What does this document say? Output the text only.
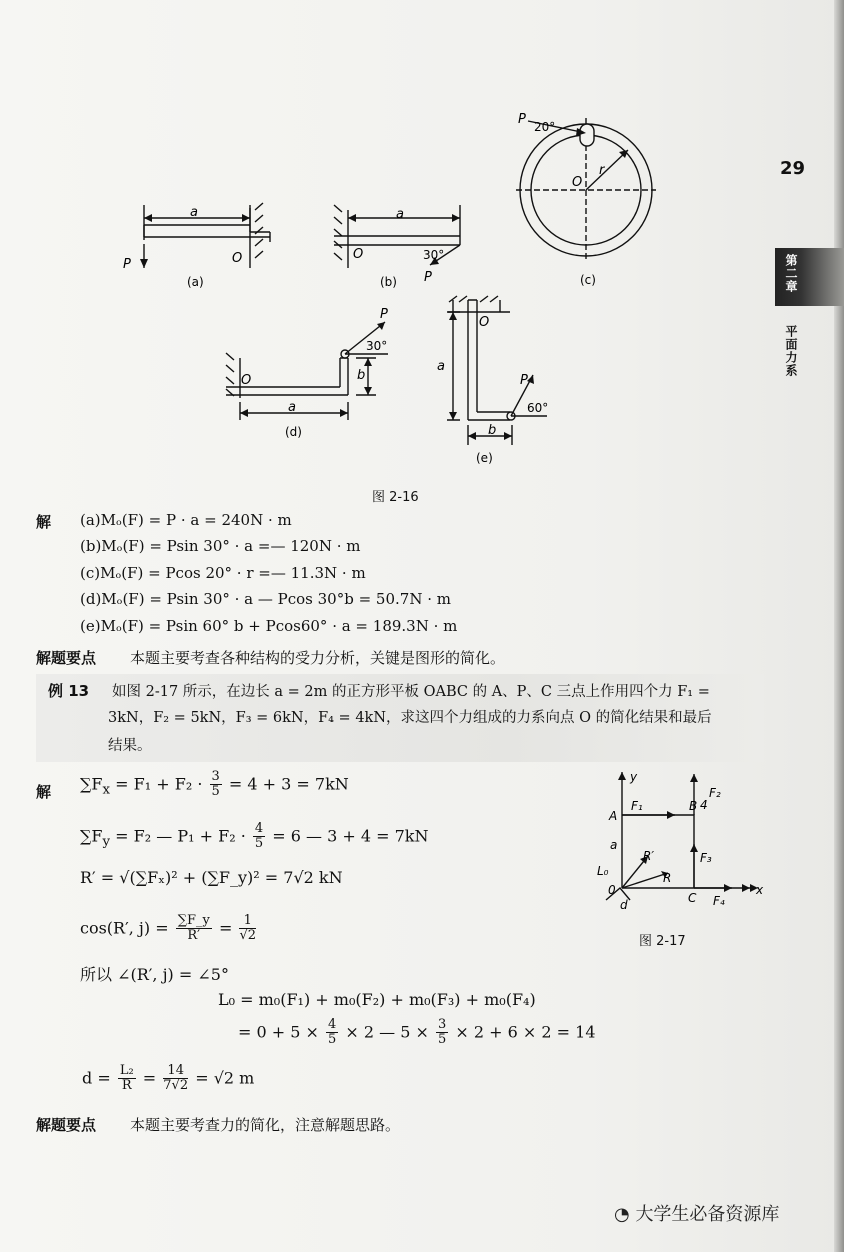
29
第二章
平面力系
a
P	O
a
O
P
P
O
r
O
a
b
P
O
a
b
P
20°
30°
30°
60°
(a)	(b)	(c)
(d)
(e)
图 2-16
解 (a)Mₒ(F) = P · a = 240N · m
(b)Mₒ(F) = Psin 30° · a =— 120N · m
(c)Mₒ(F) = Pcos 20° · r =— 11.3N · m
(d)Mₒ(F) = Psin 30° · a — Pcos 30°b = 50.7N · m
(e)Mₒ(F) = Psin 60° b + Pcos60° · a = 189.3N · m
解题要点 本题主要考查各种结构的受力分析，关键是图形的简化。
例 13 如图 2-17 所示，在边长 a = 2m 的正方形平板 OABC 的 A、P、C 三点上作用四个力 F₁ =
3kN，F₂ = 5kN，F₃ = 6kN，F₄ = 4kN，求这四个力组成的力系向点 O 的简化结果和最后
结果。
解 $\sum F_x = F_1 + F_2 \cdot \frac{3}{5} = 4 + 3 = 7kN$
$\sum F_y = F_2$ — $P_1 + F_2 \cdot \frac{4}{5} = 6$ — 3 + 4 = 7kN
R′ = √(∑Fₓ)² + (∑F_y)² = 7√2 kN
cos(R′, $j) = \frac{\sum F\_y}{R'} = \frac{1}{√2}$
所以 ∠(R′, j) = ∠5°
L₀ = m₀(F₁) + m₀(F₂) + m₀(F₃) + m₀(F₄)
= $0 + 5 \times \frac{4}{5} \times 2$ — $5 \times \frac{3}{5} \times 2 + 6 \times 2 = 14$
$d = \frac{\text{L₂}}{R} = \frac{14}{7√2} = √2$ m
解题要点 本题主要考查力的简化，注意解题思路。
y
x
F₁
F₂
F₃
F₄
A
B 4
C
0
a
R
R′
L₀
d
图 2-17
◔ 大学生必备资源库
